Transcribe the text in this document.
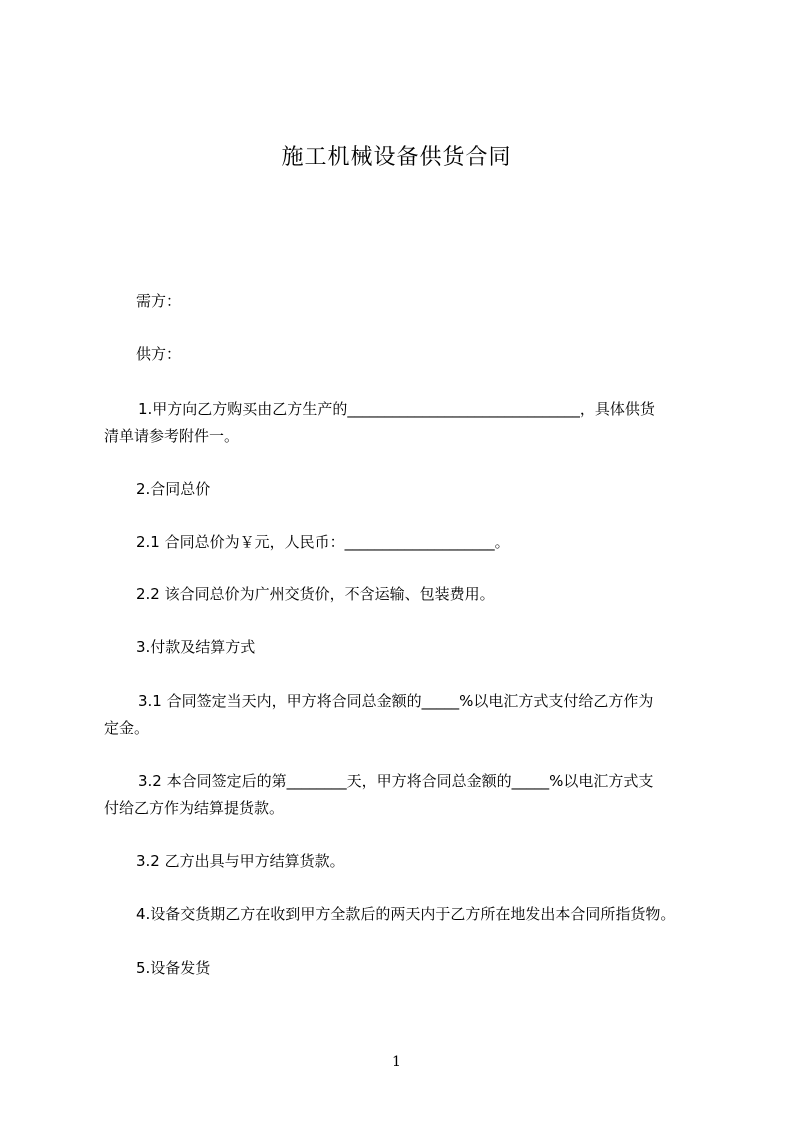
施工机械设备供货合同
需方：
供方：
1.甲方向乙方购买由乙方生产的_______________________________，具体供货
清单请参考附件一。
2.合同总价
2.1 合同总价为￥元，人民币：____________________。
2.2 该合同总价为广州交货价，不含运输、包装费用。
3.付款及结算方式
3.1 合同签定当天内，甲方将合同总金额的_____%以电汇方式支付给乙方作为
定金。
3.2 本合同签定后的第________天，甲方将合同总金额的_____%以电汇方式支
付给乙方作为结算提货款。
3.2 乙方出具与甲方结算货款。
4.设备交货期乙方在收到甲方全款后的两天内于乙方所在地发出本合同所指货物。
5.设备发货
1
